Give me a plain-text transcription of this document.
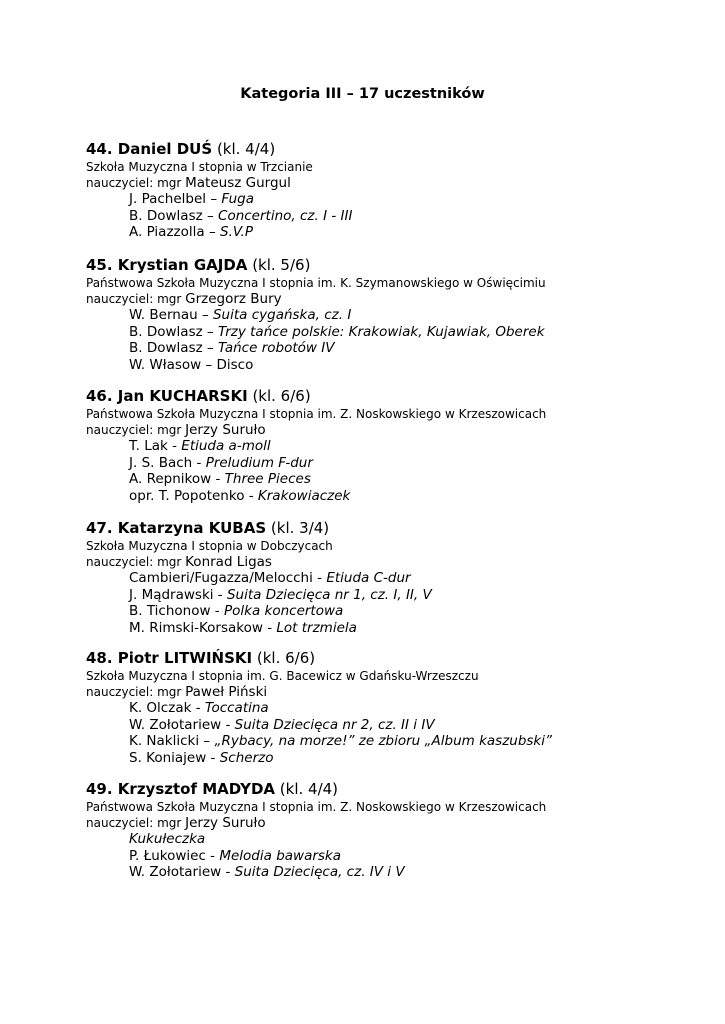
Kategoria III – 17 uczestników
44. Daniel DUŚ (kl. 4/4)
Szkoła Muzyczna I stopnia w Trzcianie
nauczyciel: mgr Mateusz Gurgul
J. Pachelbel – Fuga
B. Dowlasz – Concertino, cz. I - III
A. Piazzolla – S.V.P
45. Krystian GAJDA (kl. 5/6)
Państwowa Szkoła Muzyczna I stopnia im. K. Szymanowskiego w Oświęcimiu
nauczyciel: mgr Grzegorz Bury
W. Bernau – Suita cygańska, cz. I
B. Dowlasz – Trzy tańce polskie: Krakowiak, Kujawiak, Oberek
B. Dowlasz – Tańce robotów IV
W. Własow – Disco
46. Jan KUCHARSKI (kl. 6/6)
Państwowa Szkoła Muzyczna I stopnia im. Z. Noskowskiego w Krzeszowicach
nauczyciel: mgr Jerzy Suruło
T. Lak - Etiuda a-moll
J. S. Bach - Preludium F-dur
A. Repnikow - Three Pieces
opr. T. Popotenko - Krakowiaczek
47. Katarzyna KUBAS (kl. 3/4)
Szkoła Muzyczna I stopnia w Dobczycach
nauczyciel: mgr Konrad Ligas
Cambieri/Fugazza/Melocchi - Etiuda C-dur
J. Mądrawski - Suita Dziecięca nr 1, cz. I, II, V
B. Tichonow - Polka koncertowa
M. Rimski-Korsakow - Lot trzmiela
48. Piotr LITWIŃSKI (kl. 6/6)
Szkoła Muzyczna I stopnia im. G. Bacewicz w Gdańsku-Wrzeszczu
nauczyciel: mgr Paweł Piński
K. Olczak - Toccatina
W. Zołotariew - Suita Dziecięca nr 2, cz. II i IV
K. Naklicki – „Rybacy, na morze!” ze zbioru „Album kaszubski”
S. Koniajew - Scherzo
49. Krzysztof MADYDA (kl. 4/4)
Państwowa Szkoła Muzyczna I stopnia im. Z. Noskowskiego w Krzeszowicach
nauczyciel: mgr Jerzy Suruło
Kukułeczka
P. Łukowiec - Melodia bawarska
W. Zołotariew - Suita Dziecięca, cz. IV i V
